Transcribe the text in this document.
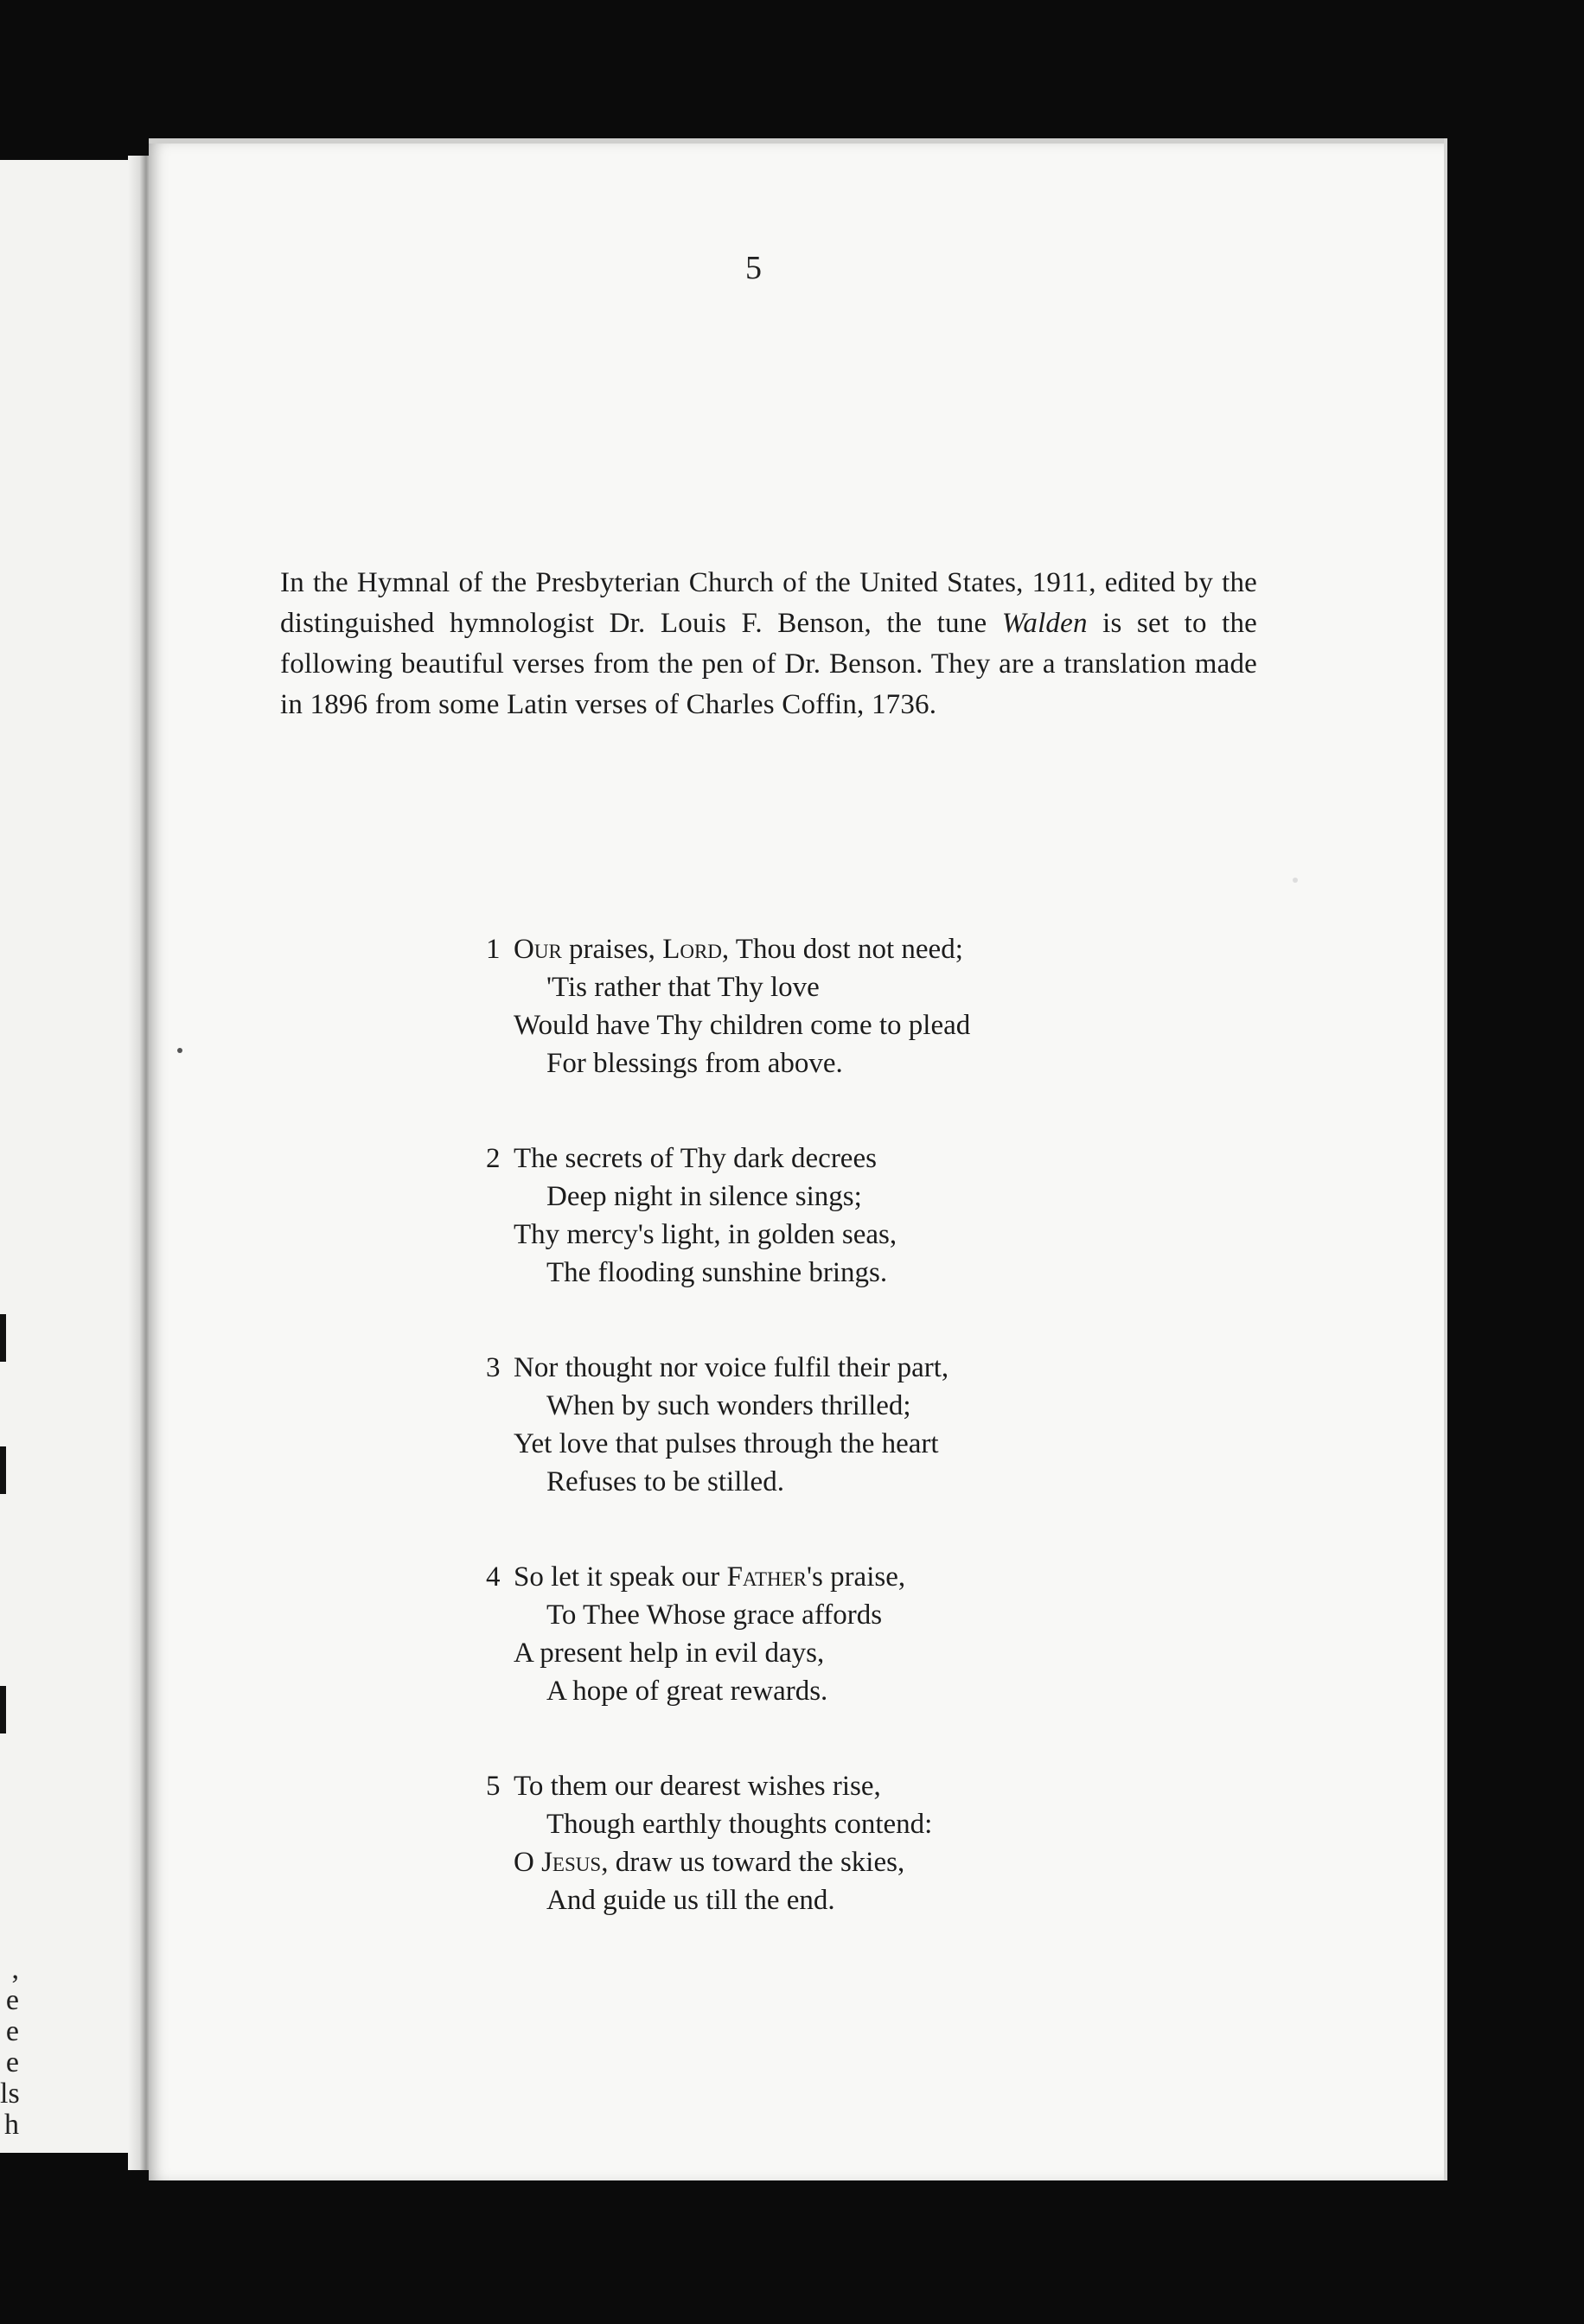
,
e
e
e
ls
h
5
In the Hymnal of the Presbyterian Church of the United States, 1911, edited by the distinguished hymnologist Dr. Louis F. Benson, the tune Walden is set to the following beautiful verses from the pen of Dr. Benson. They are a translation made in 1896 from some Latin verses of Charles Coffin, 1736.
1 Our praises, Lord, Thou dost not need;
'Tis rather that Thy love
Would have Thy children come to plead
For blessings from above.
2 The secrets of Thy dark decrees
Deep night in silence sings;
Thy mercy's light, in golden seas,
The flooding sunshine brings.
3 Nor thought nor voice fulfil their part,
When by such wonders thrilled;
Yet love that pulses through the heart
Refuses to be stilled.
4 So let it speak our Father's praise,
To Thee Whose grace affords
A present help in evil days,
A hope of great rewards.
5 To them our dearest wishes rise,
Though earthly thoughts contend:
O Jesus, draw us toward the skies,
And guide us till the end.
